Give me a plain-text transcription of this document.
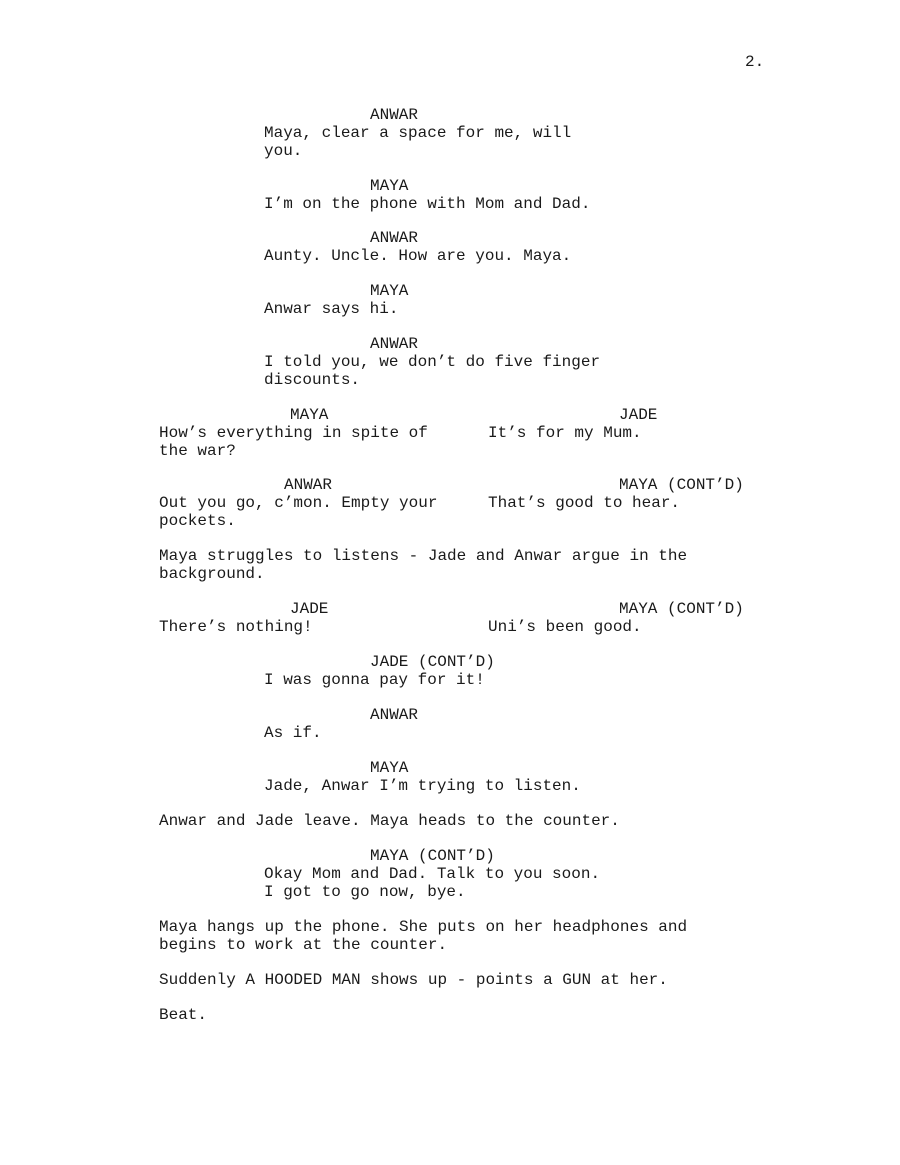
2.
ANWAR
Maya, clear a space for me, will
you.
MAYA
I’m on the phone with Mom and Dad.
ANWAR
Aunty. Uncle. How are you. Maya.
MAYA
Anwar says hi.
ANWAR
I told you, we don’t do five finger
discounts.
MAYA
How’s everything in spite of
the war?
JADE
It’s for my Mum.
ANWAR
Out you go, c’mon. Empty your
pockets.
MAYA (CONT’D)
That’s good to hear.
Maya struggles to listens - Jade and Anwar argue in the
background.
JADE
There’s nothing!
MAYA (CONT’D)
Uni’s been good.
JADE (CONT’D)
I was gonna pay for it!
ANWAR
As if.
MAYA
Jade, Anwar I’m trying to listen.
Anwar and Jade leave. Maya heads to the counter.
MAYA (CONT’D)
Okay Mom and Dad. Talk to you soon.
I got to go now, bye.
Maya hangs up the phone. She puts on her headphones and
begins to work at the counter.
Suddenly A HOODED MAN shows up - points a GUN at her.
Beat.
